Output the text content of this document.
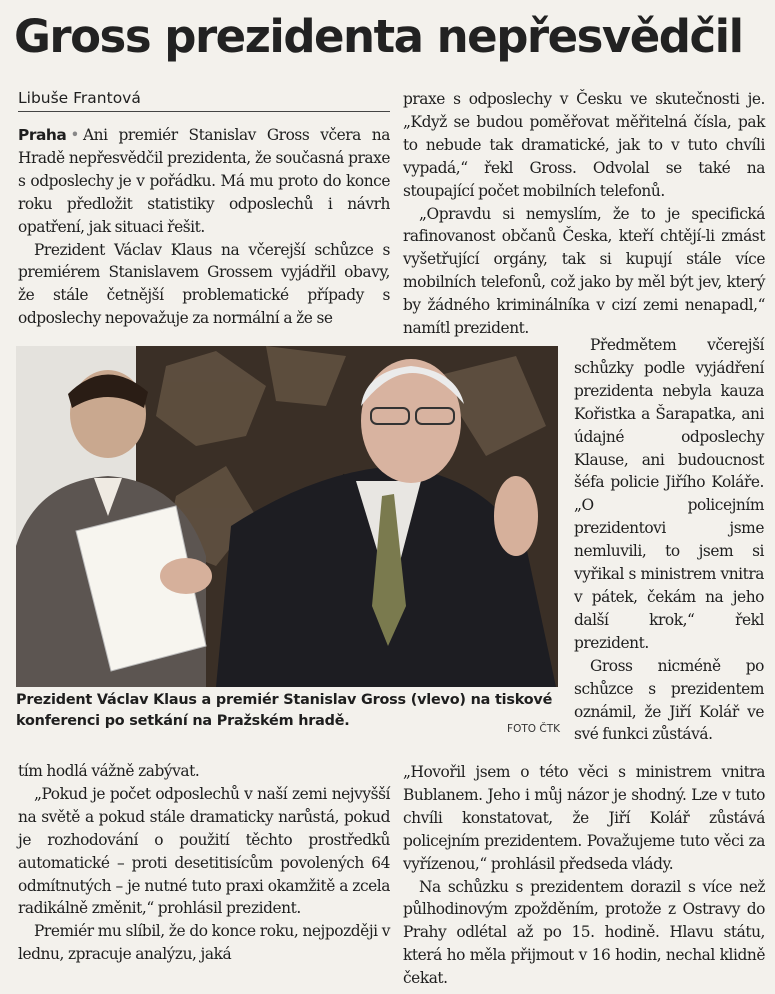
Gross prezidenta nepřesvědčil
Libuše Frantová

Praha • Ani premiér Stanislav Gross včera na Hradě nepřesvědčil prezidenta, že současná praxe s odposlechy je v pořádku. Má mu proto do konce roku předložit statistiky odposlechů i návrh opatření, jak situaci řešit.

Prezident Václav Klaus na včerejší schůzce s premiérem Stanislavem Grossem vyjádřil obavy, že stále četnější problematické případy s odposlechy nepovažuje za normální a že se

praxe s odposlechy v Česku ve skutečnosti je. „Když se budou poměřovat měřitelná čísla, pak to nebude tak dramatické, jak to v tuto chvíli vypadá,“ řekl Gross. Odvolal se také na stoupající počet mobilních telefonů.

„Opravdu si nemyslím, že to je specifická rafinovanost občanů Česka, kteří chtějí-li zmást vyšetřující orgány, tak si kupují stále více mobilních telefonů, což jako by měl být jev, který by žádného kriminálníka v cizí zemi nenapadl,“ namítl prezident.

Prezident Václav Klaus a premiér Stanislav Gross (vlevo) na tiskové konferenci po setkání na Pražském hradě.	FOTO ČTK

Předmětem včerejší schůzky podle vyjádření prezidenta nebyla kauza Kořistka a Šarapatka, ani údajné odposlechy Klause, ani budoucnost šéfa policie Jiřího Koláře. „O policejním prezidentovi jsme nemluvili, to jsem si vyřikal s ministrem vnitra v pátek, čekám na jeho další krok,“ řekl prezident.

Gross nicméně po schůzce s prezidentem oznámil, že Jiří Kolář ve své funkci zůstává.

tím hodlá vážně zabývat.

„Pokud je počet odposlechů v naší zemi nejvyšší na světě a pokud stále dramaticky narůstá, pokud je rozhodování o použití těchto prostředků automatické – proti desetitisícům povolených 64 odmítnutých – je nutné tuto praxi okamžitě a zcela radikálně změnit,“ prohlásil prezident.

Premiér mu slíbil, že do konce roku, nejpozději v lednu, zpracuje analýzu, jaká

„Hovořil jsem o této věci s ministrem vnitra Bublanem. Jeho i můj názor je shodný. Lze v tuto chvíli konstatovat, že Jiří Kolář zůstává policejním prezidentem. Považujeme tuto věci za vyřízenou,“ prohlásil předseda vlády.

Na schůzku s prezidentem dorazil s více než půlhodinovým zpožděním, protože z Ostravy do Prahy odlétal až po 15. hodině. Hlavu státu, která ho měla přijmout v 16 hodin, nechal klidně čekat.
